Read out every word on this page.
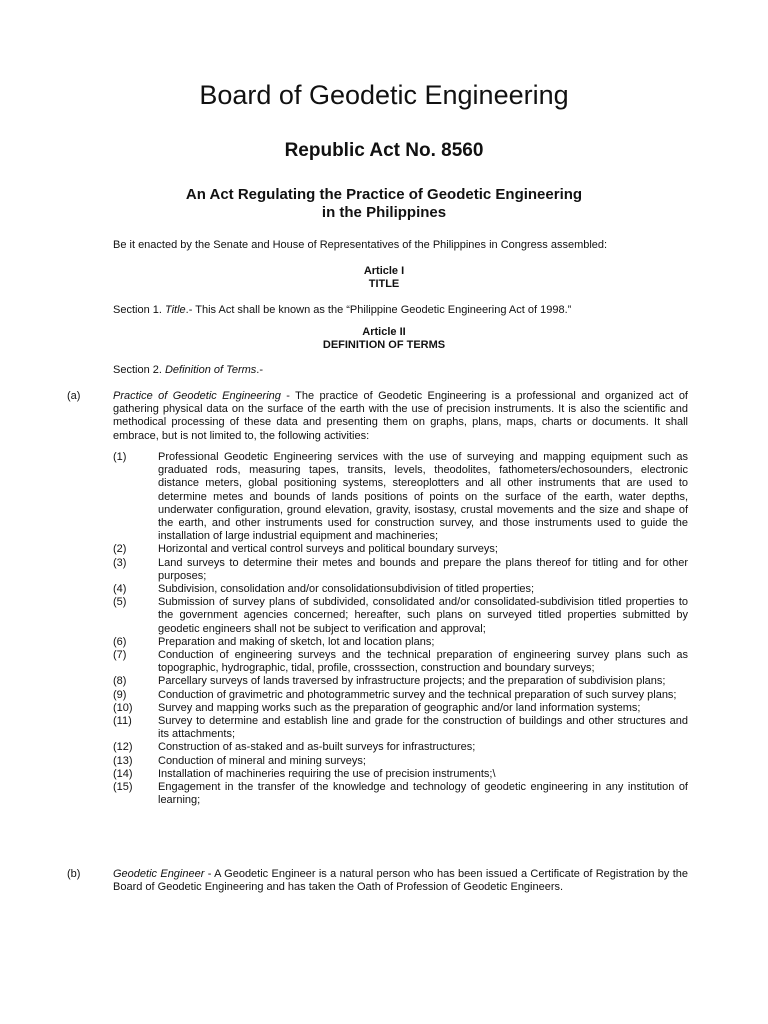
Board of Geodetic Engineering
Republic Act No. 8560
An Act Regulating the Practice of Geodetic Engineering
in the Philippines

Be it enacted by the Senate and House of Representatives of the Philippines in Congress assembled:

Article I
TITLE

Section 1. Title.- This Act shall be known as the “Philippine Geodetic Engineering Act of 1998.”

Article II
DEFINITION OF TERMS

Section 2. Definition of Terms.-

(a)	Practice of Geodetic Engineering - The practice of Geodetic Engineering is a professional and organized act of gathering physical data on the surface of the earth with the use of precision instruments. It is also the scientific and methodical processing of these data and presenting them on graphs, plans, maps, charts or documents. It shall embrace, but is not limited to, the following activities:

(1)	Professional Geodetic Engineering services with the use of surveying and mapping equipment such as graduated rods, measuring tapes, transits, levels, theodolites, fathometers/echosounders, electronic distance meters, global positioning systems, stereoplotters and all other instruments that are used to determine metes and bounds of lands positions of points on the surface of the earth, water depths, underwater configuration, ground elevation, gravity, isostasy, crustal movements and the size and shape of the earth, and other instruments used for construction survey, and those instruments used to guide the installation of large industrial equipment and machineries;
(2)	Horizontal and vertical control surveys and political boundary surveys;
(3)	Land surveys to determine their metes and bounds and prepare the plans thereof for titling and for other purposes;
(4)	Subdivision, consolidation and/or consolidationsubdivision of titled properties;
(5)	Submission of survey plans of subdivided, consolidated and/or consolidated-subdivision titled properties to the government agencies concerned; hereafter, such plans on surveyed titled properties submitted by geodetic engineers shall not be subject to verification and approval;
(6)	Preparation and making of sketch, lot and location plans;
(7)	Conduction of engineering surveys and the technical preparation of engineering survey plans such as topographic, hydrographic, tidal, profile, crosssection, construction and boundary surveys;
(8)	Parcellary surveys of lands traversed by infrastructure projects; and the preparation of subdivision plans;
(9)	Conduction of gravimetric and photogrammetric survey and the technical preparation of such survey plans;
(10)	Survey and mapping works such as the preparation of geographic and/or land information systems;
(11)	Survey to determine and establish line and grade for the construction of buildings and other structures and its attachments;
(12)	Construction of as-staked and as-built surveys for infrastructures;
(13)	Conduction of mineral and mining surveys;
(14)	Installation of machineries requiring the use of precision instruments;\
(15)	Engagement in the transfer of the knowledge and technology of geodetic engineering in any institution of learning;
(b)	Geodetic Engineer - A Geodetic Engineer is a natural person who has been issued a Certificate of Registration by the Board of Geodetic Engineering and has taken the Oath of Profession of Geodetic Engineers.
